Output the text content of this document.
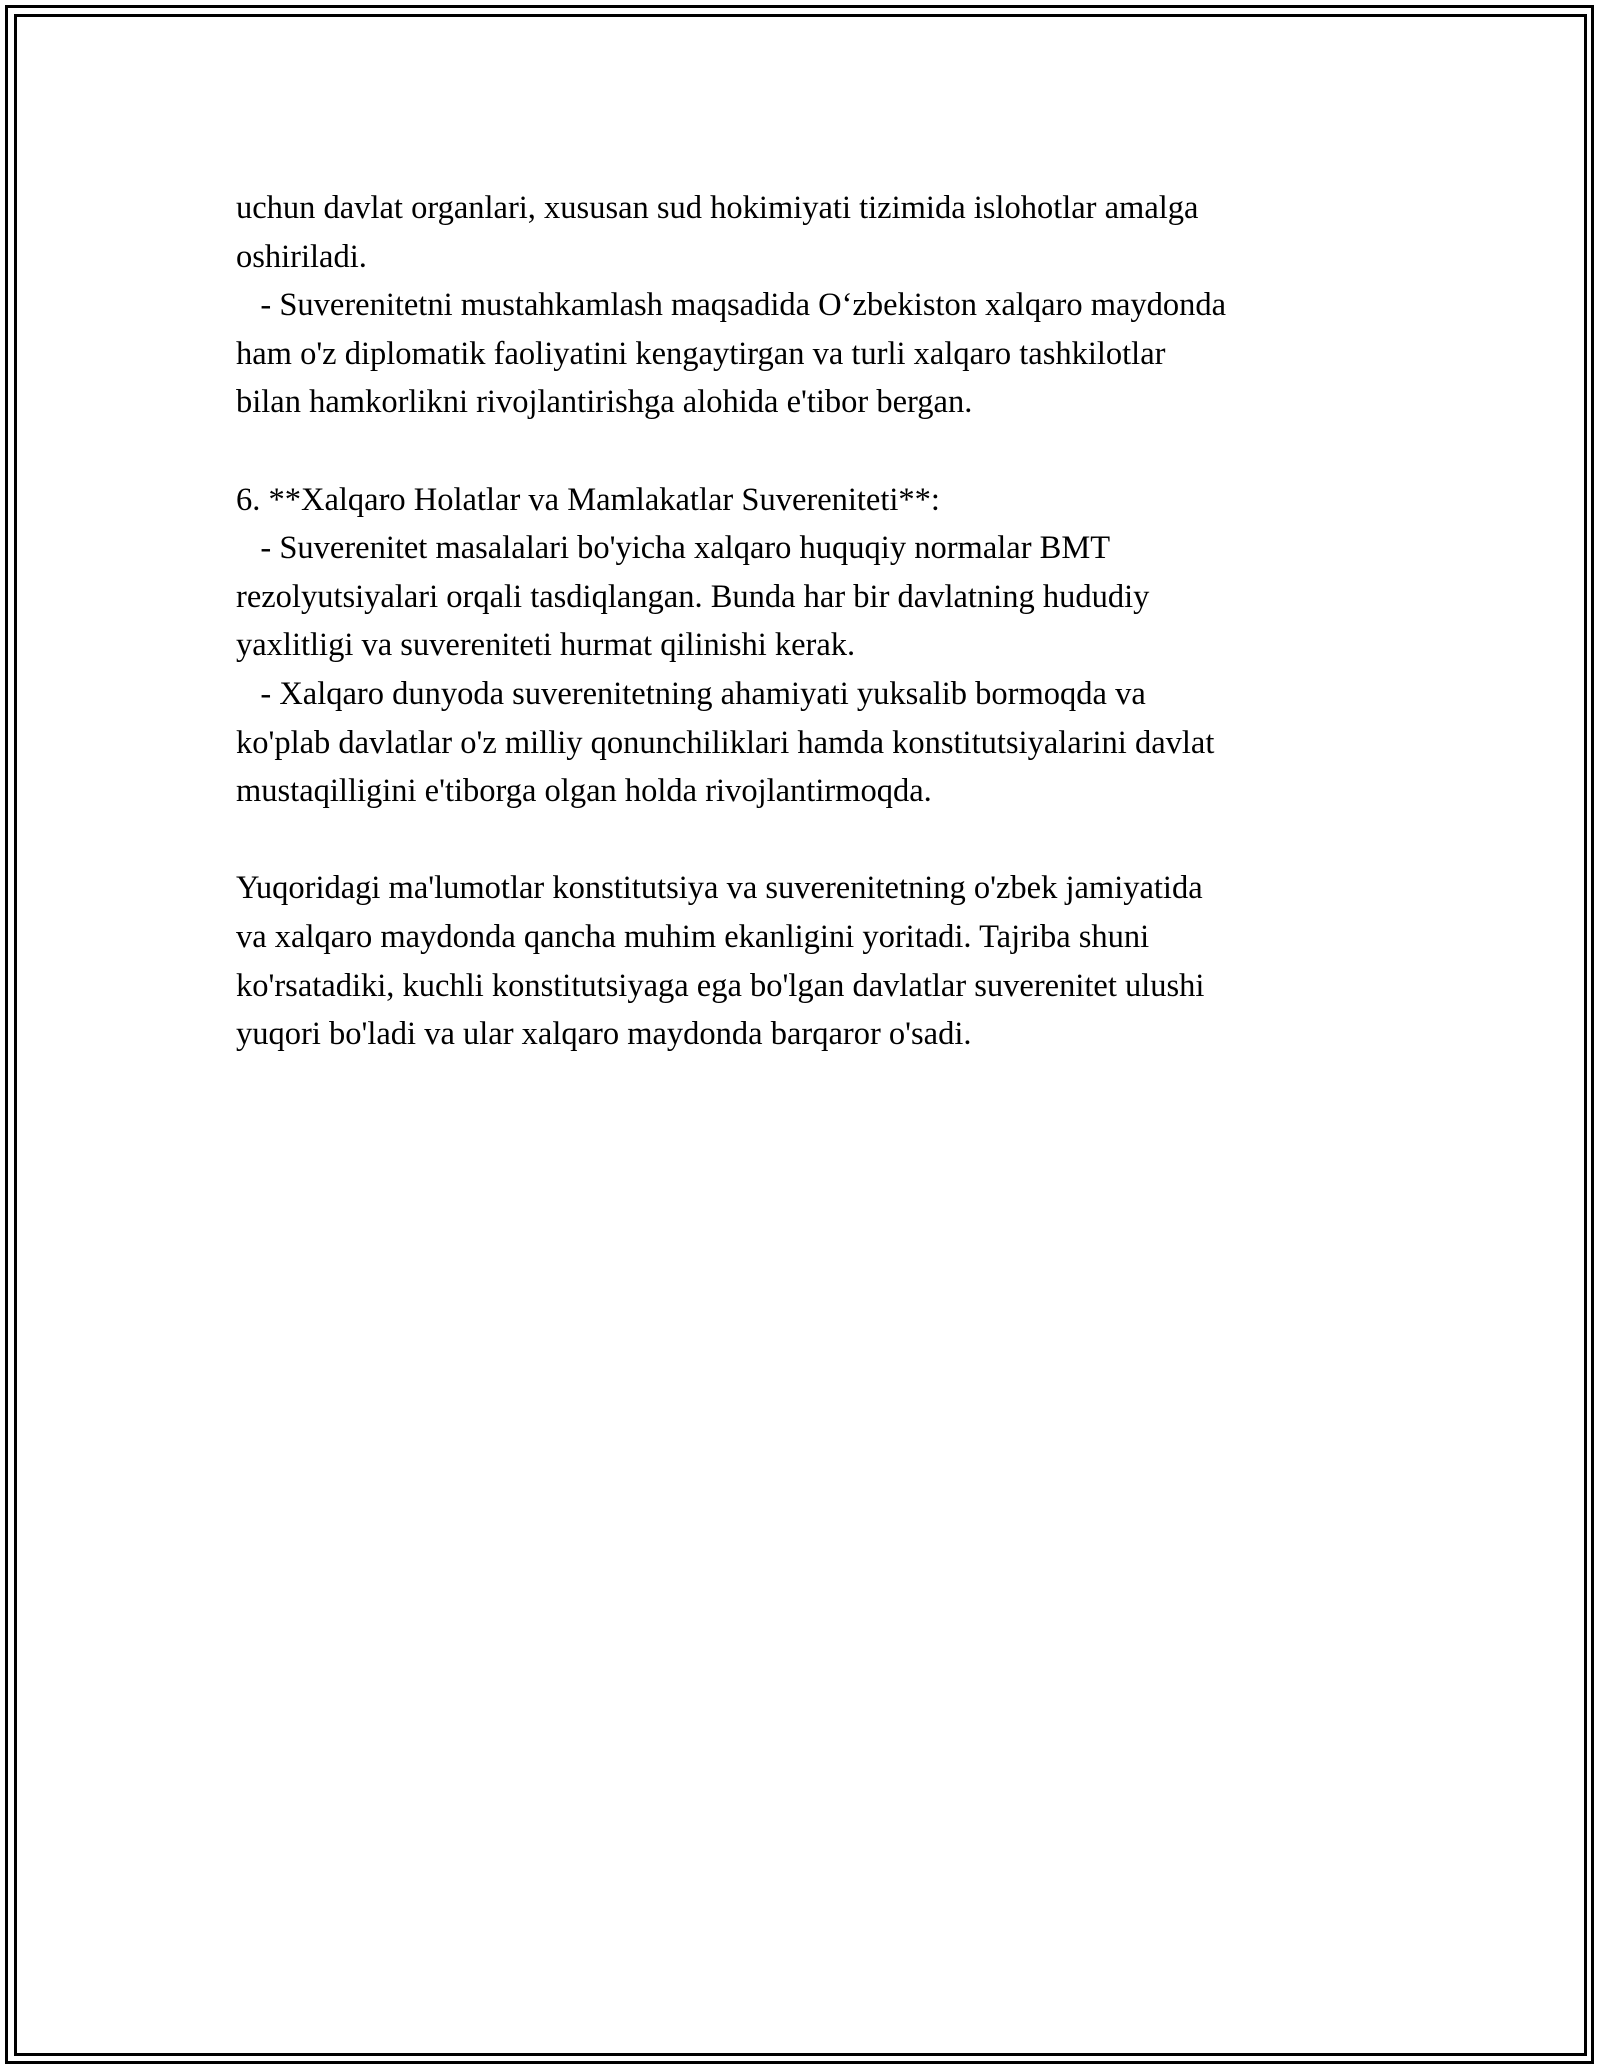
uchun davlat organlari, xususan sud hokimiyati tizimida islohotlar amalga
oshiriladi.
- Suverenitetni mustahkamlash maqsadida O‘zbekiston xalqaro maydonda
ham o'z diplomatik faoliyatini kengaytirgan va turli xalqaro tashkilotlar
bilan hamkorlikni rivojlantirishga alohida e'tibor bergan.
6. **Xalqaro Holatlar va Mamlakatlar Suvereniteti**:
- Suverenitet masalalari bo'yicha xalqaro huquqiy normalar BMT
rezolyutsiyalari orqali tasdiqlangan. Bunda har bir davlatning hududiy
yaxlitligi va suvereniteti hurmat qilinishi kerak.
- Xalqaro dunyoda suverenitetning ahamiyati yuksalib bormoqda va
ko'plab davlatlar o'z milliy qonunchiliklari hamda konstitutsiyalarini davlat
mustaqilligini e'tiborga olgan holda rivojlantirmoqda.
Yuqoridagi ma'lumotlar konstitutsiya va suverenitetning o'zbek jamiyatida
va xalqaro maydonda qancha muhim ekanligini yoritadi. Tajriba shuni
ko'rsatadiki, kuchli konstitutsiyaga ega bo'lgan davlatlar suverenitet ulushi
yuqori bo'ladi va ular xalqaro maydonda barqaror o'sadi.
